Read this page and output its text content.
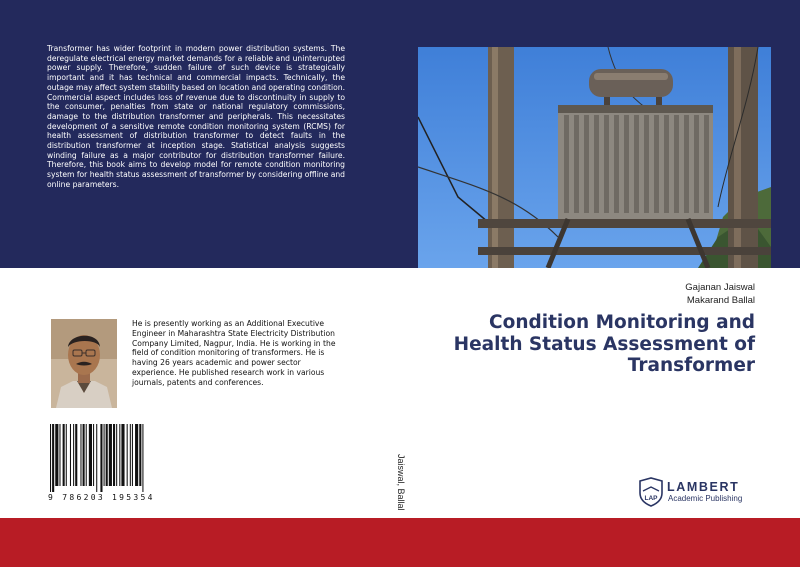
Transformer has wider footprint in modern power distribution systems. The deregulate electrical energy market demands for a reliable and uninterrupted power supply. Therefore, sudden failure of such device is strategically important and it has technical and commercial impacts. Technically, the outage may affect system stability based on location and operating condition. Commercial aspect includes loss of revenue due to discontinuity in supply to the consumer, penalties from state or national regulatory commissions, damage to the distribution transformer and peripherals. This necessitates development of a sensitive remote condition monitoring system (RCMS) for health assessment of distribution transformer to detect faults in the distribution transformer at inception stage. Statistical analysis suggests winding failure as a major contributor for distribution transformer failure. Therefore, this book aims to develop model for remote condition monitoring system for health status assessment of transformer by considering offline and online parameters.
Gajanan Jaiswal
Makarand Ballal
Condition Monitoring and
Health Status Assessment of
Transformer
He is presently working as an Additional Executive Engineer in Maharashtra State Electricity Distribution Company Limited, Nagpur, India. He is working in the field of condition monitoring of transformers. He is having 26 years academic and power sector experience. He published research work in various journals, patents and conferences.
9 786203 195354	Jaiswal, Ballal	LAP
LAMBERT
Academic Publishing
